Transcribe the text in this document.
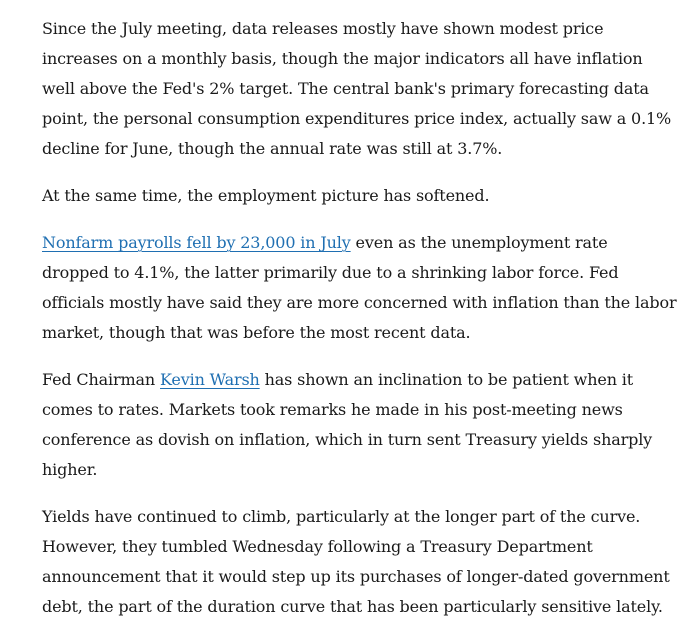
Since the July meeting, data releases mostly have shown modest price
increases on a monthly basis, though the major indicators all have inflation
well above the Fed's 2% target. The central bank's primary forecasting data
point, the personal consumption expenditures price index, actually saw a 0.1%
decline for June, though the annual rate was still at 3.7%.

At the same time, the employment picture has softened.

Nonfarm payrolls fell by 23,000 in July even as the unemployment rate
dropped to 4.1%, the latter primarily due to a shrinking labor force. Fed
officials mostly have said they are more concerned with inflation than the labor
market, though that was before the most recent data.

Fed Chairman Kevin Warsh has shown an inclination to be patient when it
comes to rates. Markets took remarks he made in his post-meeting news
conference as dovish on inflation, which in turn sent Treasury yields sharply
higher.

Yields have continued to climb, particularly at the longer part of the curve.
However, they tumbled Wednesday following a Treasury Department
announcement that it would step up its purchases of longer-dated government
debt, the part of the duration curve that has been particularly sensitive lately.
